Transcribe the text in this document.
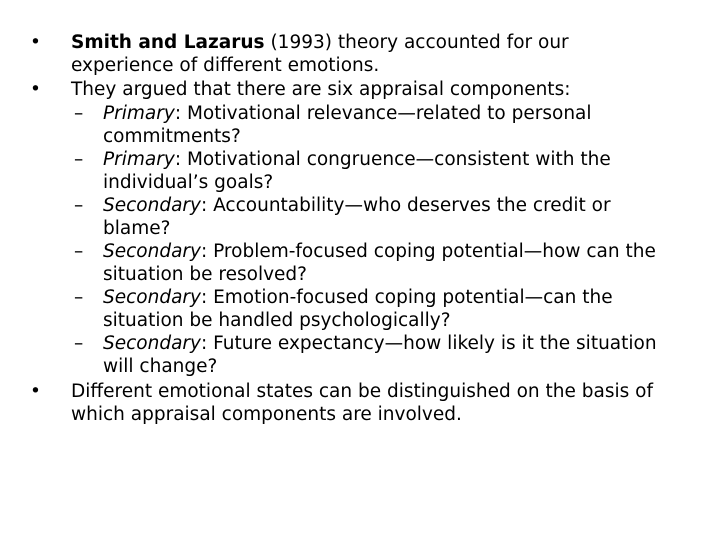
•	Smith and Lazarus (1993) theory accounted for our experience of different emotions.
•	They argued that there are six appraisal components:
– Primary: Motivational relevance—related to personal commitments?
– Primary: Motivational congruence—consistent with the individual’s goals?
– Secondary: Accountability—who deserves the credit or blame?
– Secondary: Problem-focused coping potential—how can the situation be resolved?
– Secondary: Emotion-focused coping potential—can the situation be handled psychologically?
– Secondary: Future expectancy—how likely is it the situation will change?
•	Different emotional states can be distinguished on the basis of which appraisal components are involved.
